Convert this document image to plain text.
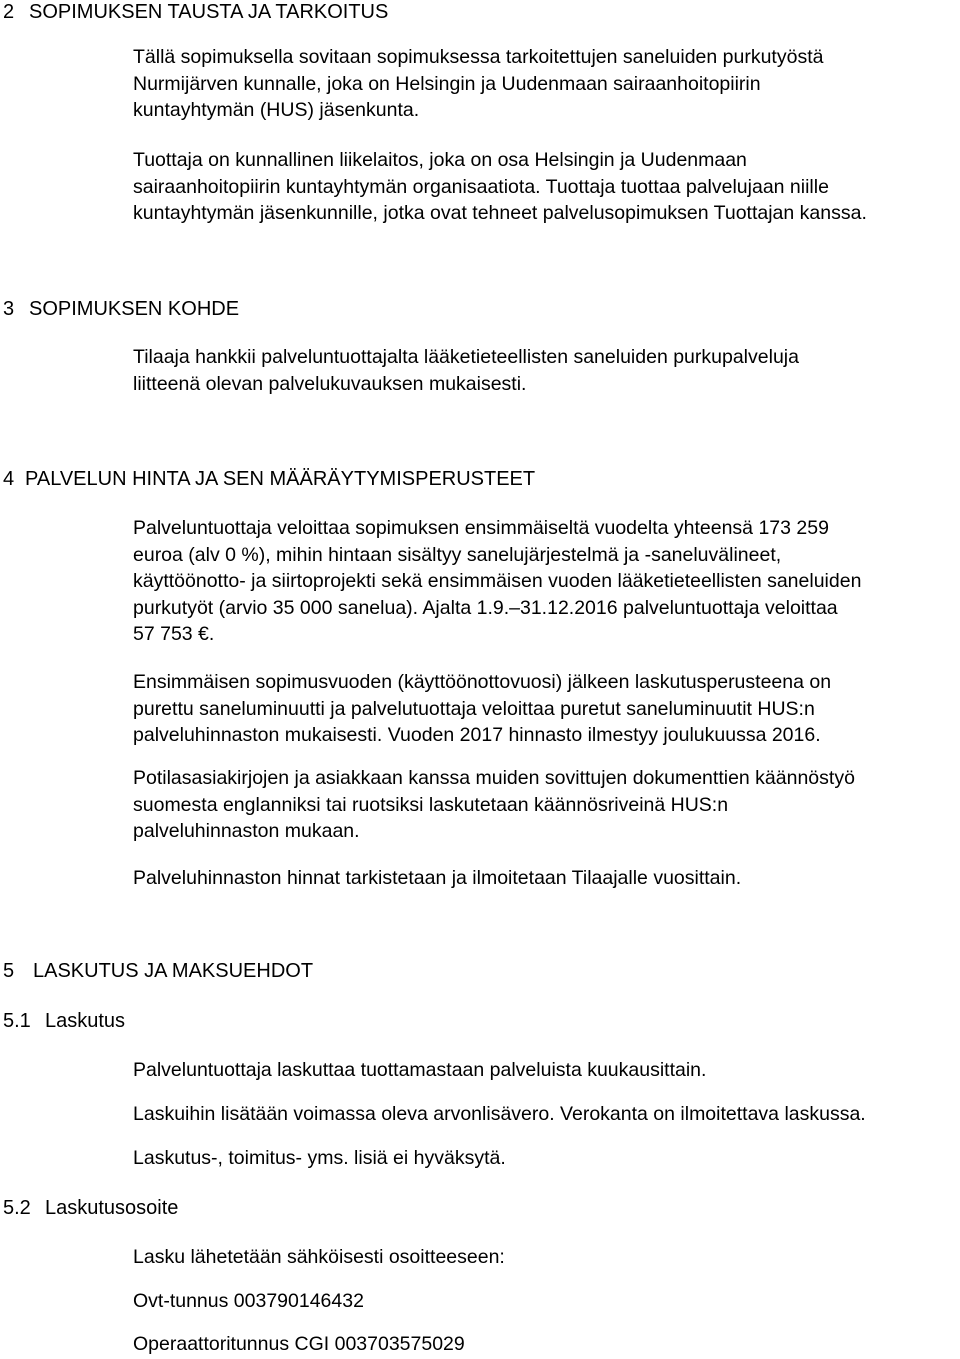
2 SOPIMUKSEN TAUSTA JA TARKOITUS

Tällä sopimuksella sovitaan sopimuksessa tarkoitettujen saneluiden purkutyöstä
Nurmijärven kunnalle, joka on Helsingin ja Uudenmaan sairaanhoitopiirin
kuntayhtymän (HUS) jäsenkunta.

Tuottaja on kunnallinen liikelaitos, joka on osa Helsingin ja Uudenmaan
sairaanhoitopiirin kuntayhtymän organisaatiota. Tuottaja tuottaa palvelujaan niille
kuntayhtymän jäsenkunnille, jotka ovat tehneet palvelusopimuksen Tuottajan kanssa.

3 SOPIMUKSEN KOHDE

Tilaaja hankkii palveluntuottajalta lääketieteellisten saneluiden purkupalveluja
liitteenä olevan palvelukuvauksen mukaisesti.

4 PALVELUN HINTA JA SEN MÄÄRÄYTYMISPERUSTEET

Palveluntuottaja veloittaa sopimuksen ensimmäiseltä vuodelta yhteensä 173 259
euroa (alv 0 %), mihin hintaan sisältyy sanelujärjestelmä ja -saneluvälineet,
käyttöönotto- ja siirtoprojekti sekä ensimmäisen vuoden lääketieteellisten saneluiden
purkutyöt (arvio 35 000 sanelua). Ajalta 1.9.–31.12.2016 palveluntuottaja veloittaa
57 753 €.

Ensimmäisen sopimusvuoden (käyttöönottovuosi) jälkeen laskutusperusteena on
purettu saneluminuutti ja palvelutuottaja veloittaa puretut saneluminuutit HUS:n
palveluhinnaston mukaisesti. Vuoden 2017 hinnasto ilmestyy joulukuussa 2016.

Potilasasiakirjojen ja asiakkaan kanssa muiden sovittujen dokumenttien käännöstyö
suomesta englanniksi tai ruotsiksi laskutetaan käännösriveinä HUS:n
palveluhinnaston mukaan.

Palveluhinnaston hinnat tarkistetaan ja ilmoitetaan Tilaajalle vuosittain.

5 LASKUTUS JA MAKSUEHDOT
5.1 Laskutus

Palveluntuottaja laskuttaa tuottamastaan palveluista kuukausittain.

Laskuihin lisätään voimassa oleva arvonlisävero. Verokanta on ilmoitettava laskussa.

Laskutus-, toimitus- yms. lisiä ei hyväksytä.

5.2 Laskutusosoite

Lasku lähetetään sähköisesti osoitteeseen:

Ovt-tunnus 003790146432

Operaattoritunnus CGI 003703575029
